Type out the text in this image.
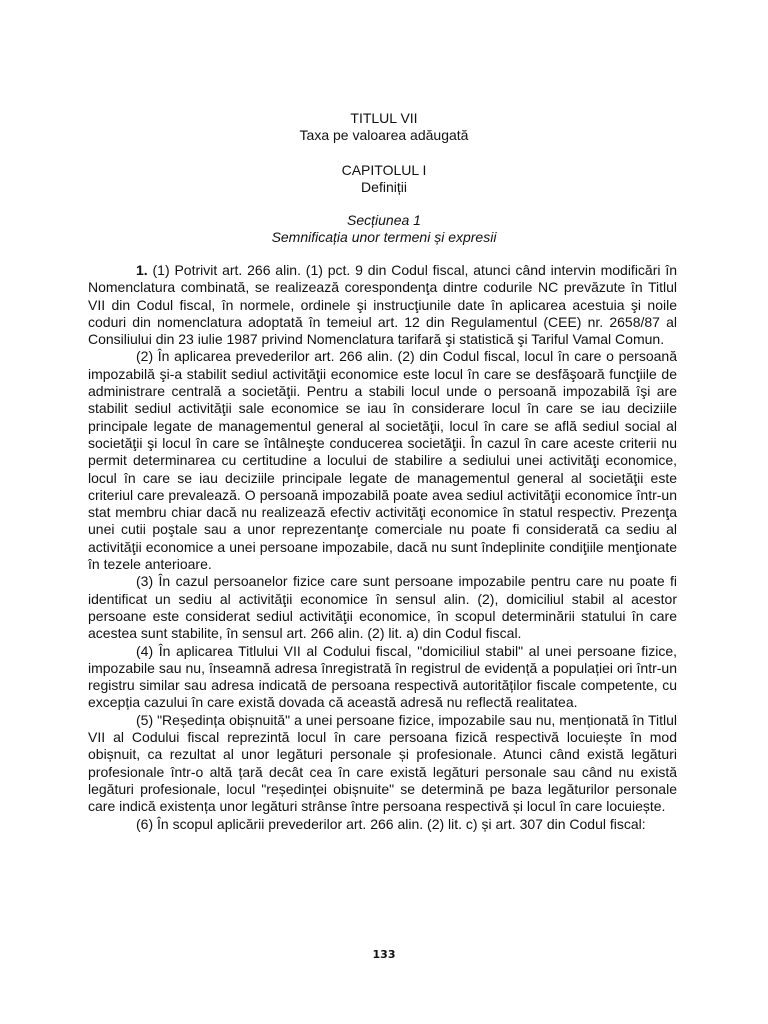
TITLUL VII

Taxa pe valoarea adăugată

CAPITOLUL I

Definiții

Secțiunea 1

Semnificația unor termeni și expresii

1. (1) Potrivit art. 266 alin. (1) pct. 9 din Codul fiscal, atunci când intervin modificări în Nomenclatura combinată, se realizează corespondenţa dintre codurile NC prevăzute în Titlul VII din Codul fiscal, în normele, ordinele şi instrucţiunile date în aplicarea acestuia şi noile coduri din nomenclatura adoptată în temeiul art. 12 din Regulamentul (CEE) nr. 2658/87 al Consiliului din 23 iulie 1987 privind Nomenclatura tarifară şi statistică şi Tariful Vamal Comun.

(2) În aplicarea prevederilor art. 266 alin. (2) din Codul fiscal, locul în care o persoană impozabilă şi-a stabilit sediul activităţii economice este locul în care se desfăşoară funcţiile de administrare centrală a societăţii. Pentru a stabili locul unde o persoană impozabilă îşi are stabilit sediul activităţii sale economice se iau în considerare locul în care se iau deciziile principale legate de managementul general al societăţii, locul în care se află sediul social al societăţii şi locul în care se întâlneşte conducerea societăţii. În cazul în care aceste criterii nu permit determinarea cu certitudine a locului de stabilire a sediului unei activităţi economice, locul în care se iau deciziile principale legate de managementul general al societăţii este criteriul care prevalează. O persoană impozabilă poate avea sediul activităţii economice într-un stat membru chiar dacă nu realizează efectiv activităţi economice în statul respectiv. Prezenţa unei cutii poştale sau a unor reprezentanţe comerciale nu poate fi considerată ca sediu al activităţii economice a unei persoane impozabile, dacă nu sunt îndeplinite condiţiile menţionate în tezele anterioare.

(3) În cazul persoanelor fizice care sunt persoane impozabile pentru care nu poate fi identificat un sediu al activităţii economice în sensul alin. (2), domiciliul stabil al acestor persoane este considerat sediul activităţii economice, în scopul determinării statului în care acestea sunt stabilite, în sensul art. 266 alin. (2) lit. a) din Codul fiscal.

(4) În aplicarea Titlului VII al Codului fiscal, "domiciliul stabil" al unei persoane fizice, impozabile sau nu, înseamnă adresa înregistrată în registrul de evidență a populației ori într-un registru similar sau adresa indicată de persoana respectivă autorităților fiscale competente, cu excepția cazului în care există dovada că această adresă nu reflectă realitatea.

(5) "Reședința obișnuită" a unei persoane fizice, impozabile sau nu, menționată în Titlul VII al Codului fiscal reprezintă locul în care persoana fizică respectivă locuiește în mod obișnuit, ca rezultat al unor legături personale și profesionale. Atunci când există legături profesionale într-o altă țară decât cea în care există legături personale sau când nu există legături profesionale, locul "reședinței obișnuite" se determină pe baza legăturilor personale care indică existența unor legături strânse între persoana respectivă și locul în care locuiește.

(6) În scopul aplicării prevederilor art. 266 alin. (2) lit. c) și art. 307 din Codul fiscal:

133
